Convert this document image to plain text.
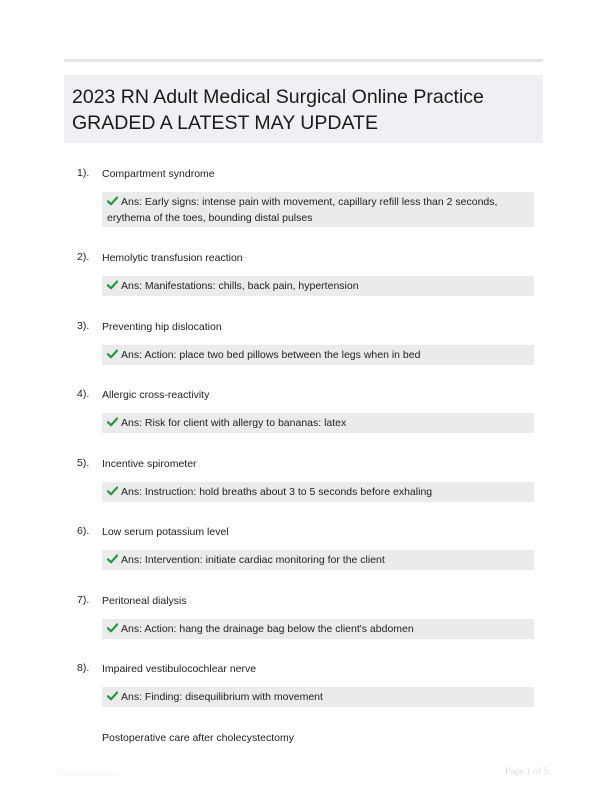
2023 RN Adult Medical Surgical Online Practice
GRADED A LATEST MAY UPDATE
1). Compartment syndrome
Ans: Early signs: intense pain with movement, capillary refill less than 2 seconds,
erythema of the toes, bounding distal pulses
2). Hemolytic transfusion reaction
Ans: Manifestations: chills, back pain, hypertension
3). Preventing hip dislocation
Ans: Action: place two bed pillows between the legs when in bed
4). Allergic cross-reactivity
Ans: Risk for client with allergy to bananas: latex
5). Incentive spirometer
Ans: Instruction: hold breaths about 3 to 5 seconds before exhaling
6). Low serum potassium level
Ans: Intervention: initiate cardiac monitoring for the client
7). Peritoneal dialysis
Ans: Action: hang the drainage bag below the client's abdomen
8). Impaired vestibulocochlear nerve
Ans: Finding: disequilibrium with movement
Postoperative care after cholecystectomy
Papersibc.com	Page 1 of 5
